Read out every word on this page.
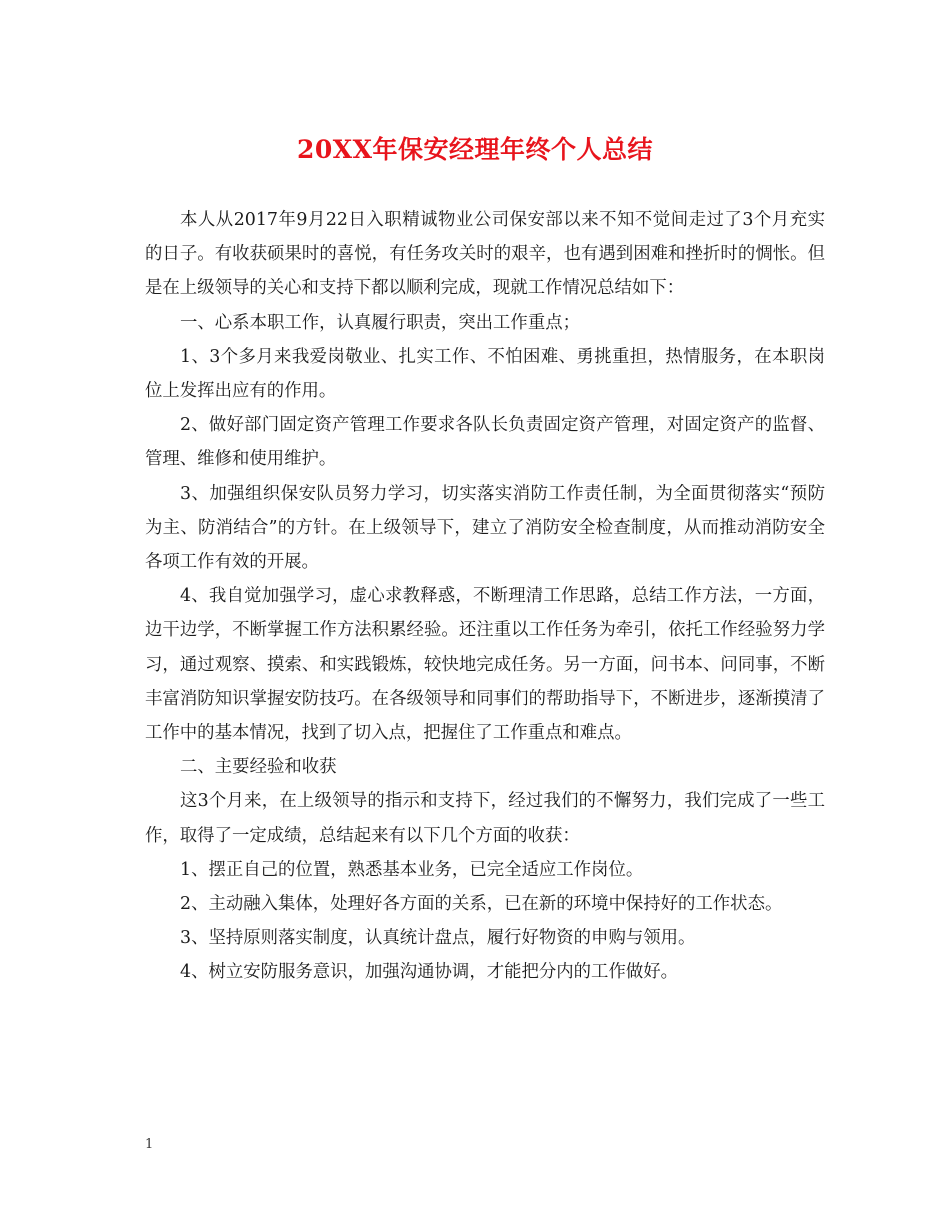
20XX年保安经理年终个人总结

本人从2017年9月22日入职精诚物业公司保安部以来不知不觉间走过了3个月充实的日子。有收获硕果时的喜悦，有任务攻关时的艰辛，也有遇到困难和挫折时的惆怅。但是在上级领导的关心和支持下都以顺利完成，现就工作情况总结如下：

一、心系本职工作，认真履行职责，突出工作重点；

1、3个多月来我爱岗敬业、扎实工作、不怕困难、勇挑重担，热情服务，在本职岗位上发挥出应有的作用。

2、做好部门固定资产管理工作要求各队长负责固定资产管理，对固定资产的监督、管理、维修和使用维护。

3、加强组织保安队员努力学习，切实落实消防工作责任制，为全面贯彻落实“预防为主、防消结合”的方针。在上级领导下，建立了消防安全检查制度，从而推动消防安全各项工作有效的开展。

4、我自觉加强学习，虚心求教释惑，不断理清工作思路，总结工作方法，一方面，边干边学，不断掌握工作方法积累经验。还注重以工作任务为牵引，依托工作经验努力学习，通过观察、摸索、和实践锻炼，较快地完成任务。另一方面，问书本、问同事，不断丰富消防知识掌握安防技巧。在各级领导和同事们的帮助指导下，不断进步，逐渐摸清了工作中的基本情况，找到了切入点，把握住了工作重点和难点。

二、主要经验和收获

这3个月来，在上级领导的指示和支持下，经过我们的不懈努力，我们完成了一些工作，取得了一定成绩，总结起来有以下几个方面的收获：

1、摆正自己的位置，熟悉基本业务，已完全适应工作岗位。

2、主动融入集体，处理好各方面的关系，已在新的环境中保持好的工作状态。

3、坚持原则落实制度，认真统计盘点，履行好物资的申购与领用。

4、树立安防服务意识，加强沟通协调，才能把分内的工作做好。

1
